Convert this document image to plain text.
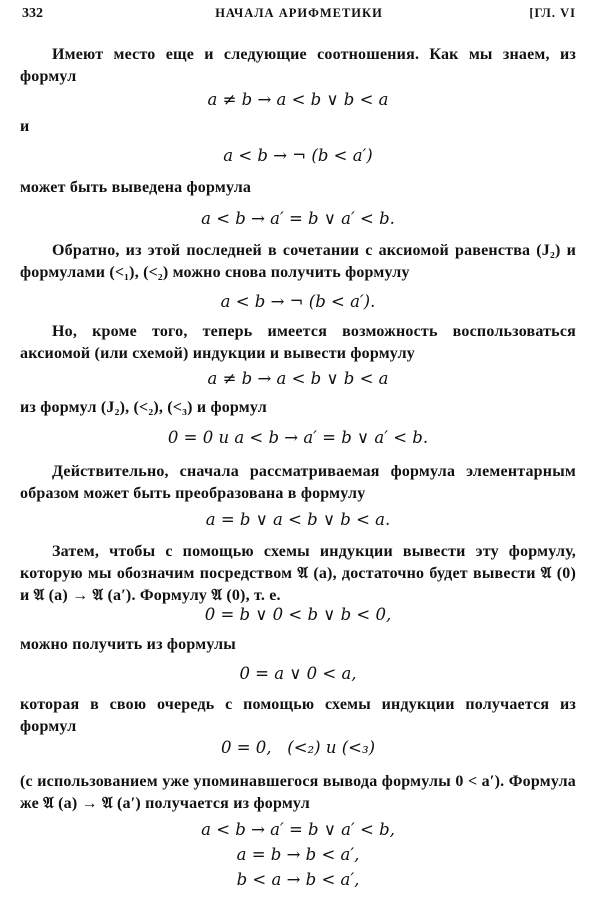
332	НАЧАЛА АРИФМЕТИКИ	[ГЛ. VI
Имеют место еще и следующие соотношения. Как мы знаем, из формул
a ≠ b → a < b ∨ b < a
и
a < b → ¬ (b < a′)
может быть выведена формула
a < b → a′ = b ∨ a′ < b.
Обратно, из этой последней в сочетании с аксиомой равенства (J₂) и формулами (<₁), (<₂) можно снова получить формулу
a < b → ¬ (b < a′).
Но, кроме того, теперь имеется возможность воспользоваться аксиомой (или схемой) индукции и вывести формулу
a ≠ b → a < b ∨ b < a
из формул (J₂), (<₂), (<₃) и формул
0 = 0 и a < b → a′ = b ∨ a′ < b.
Действительно, сначала рассматриваемая формула элементарным образом может быть преобразована в формулу
a = b ∨ a < b ∨ b < a.
Затем, чтобы с помощью схемы индукции вывести эту формулу, которую мы обозначим посредством 𝔄 (a), достаточно будет вывести 𝔄 (0) и 𝔄 (a) → 𝔄 (a′). Формулу 𝔄 (0), т. е.
0 = b ∨ 0 < b ∨ b < 0,
можно получить из формулы
0 = a ∨ 0 < a,
которая в свою очередь с помощью схемы индукции получается из формул
0 = 0,   (<₂) и (<₃)
(с использованием уже упоминавшегося вывода формулы 0 < a′). Формула же 𝔄 (a) → 𝔄 (a′) получается из формул
a < b → a′ = b ∨ a′ < b,
a = b → b < a′,
b < a → b < a′,
